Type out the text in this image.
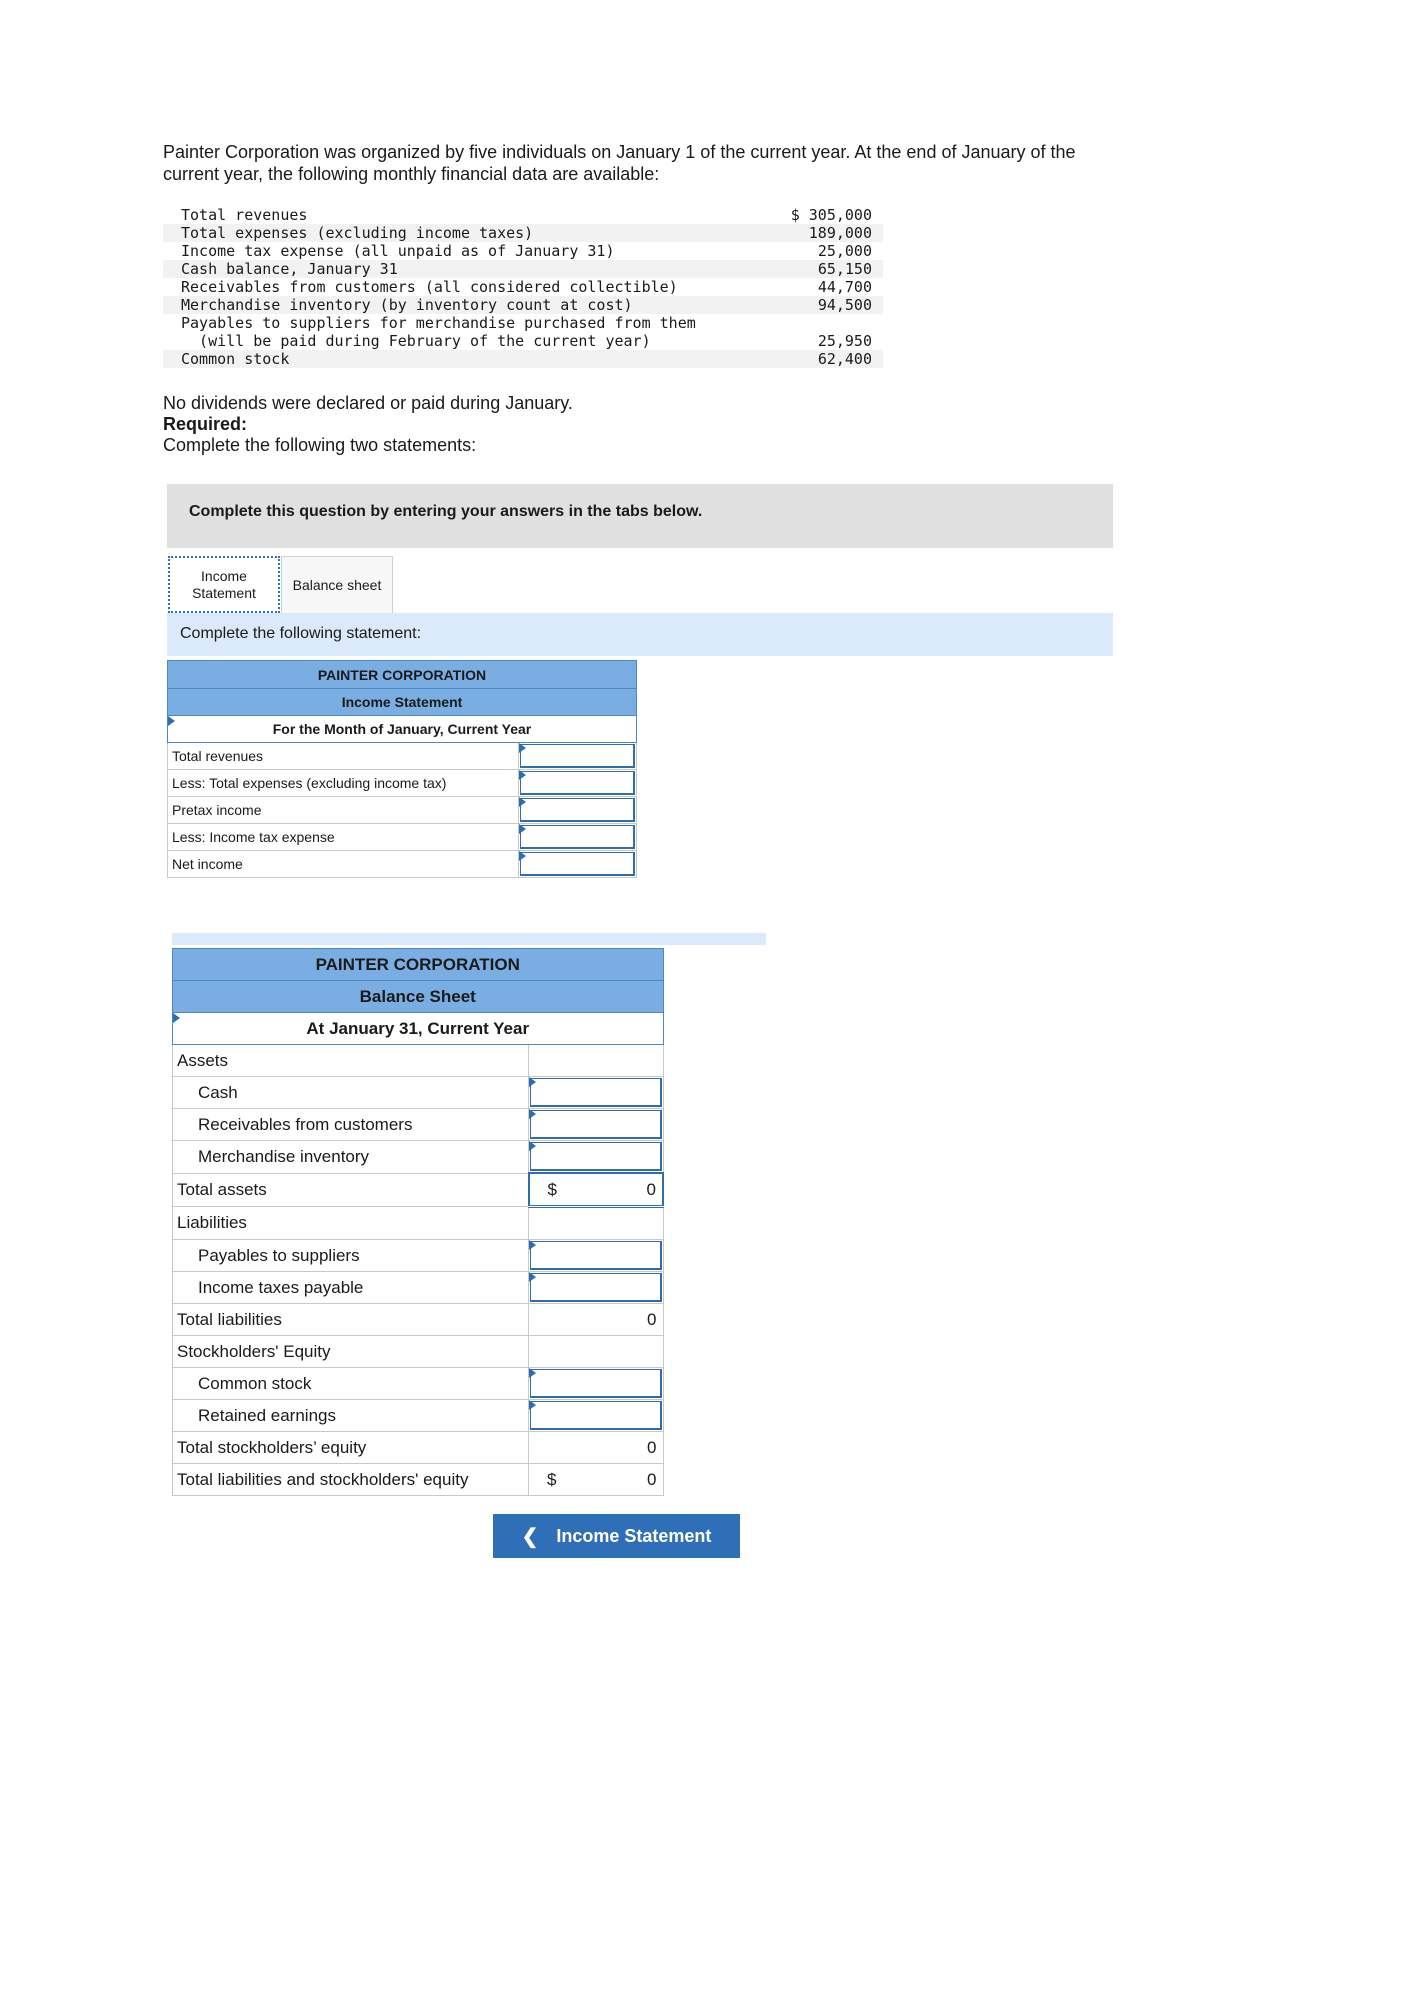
Painter Corporation was organized by five individuals on January 1 of the current year. At the end of January of the current year, the following monthly financial data are available:
Total revenues	$ 305,000
Total expenses (excluding income taxes)	189,000
Income tax expense (all unpaid as of January 31)	25,000
Cash balance, January 31	65,150
Receivables from customers (all considered collectible)	44,700
Merchandise inventory (by inventory count at cost)	94,500
Payables to suppliers for merchandise purchased from them
(will be paid during February of the current year)	25,950
Common stock	62,400
No dividends were declared or paid during January.
Required:
Complete the following two statements:
Complete this question by entering your answers in the tabs below.
Income Statement	Balance sheet
Complete the following statement:
PAINTER CORPORATION	
Income Statement	

For the Month of January, Current Year	
Total revenues	

Less: Total expenses (excluding income tax)	

Pretax income	

Less: Income tax expense	

Net income	
PAINTER CORPORATION	
Balance Sheet	

At January 31, Current Year	
Assets	
Cash	

Receivables from customers	

Merchandise inventory	

Total assets	$ 0
Liabilities	
Payables to suppliers	

Income taxes payable	

Total liabilities	0
Stockholders' Equity	
Common stock	

Retained earnings	

Total stockholders’ equity	0
Total liabilities and stockholders' equity	$ 0
❮ Income Statement
